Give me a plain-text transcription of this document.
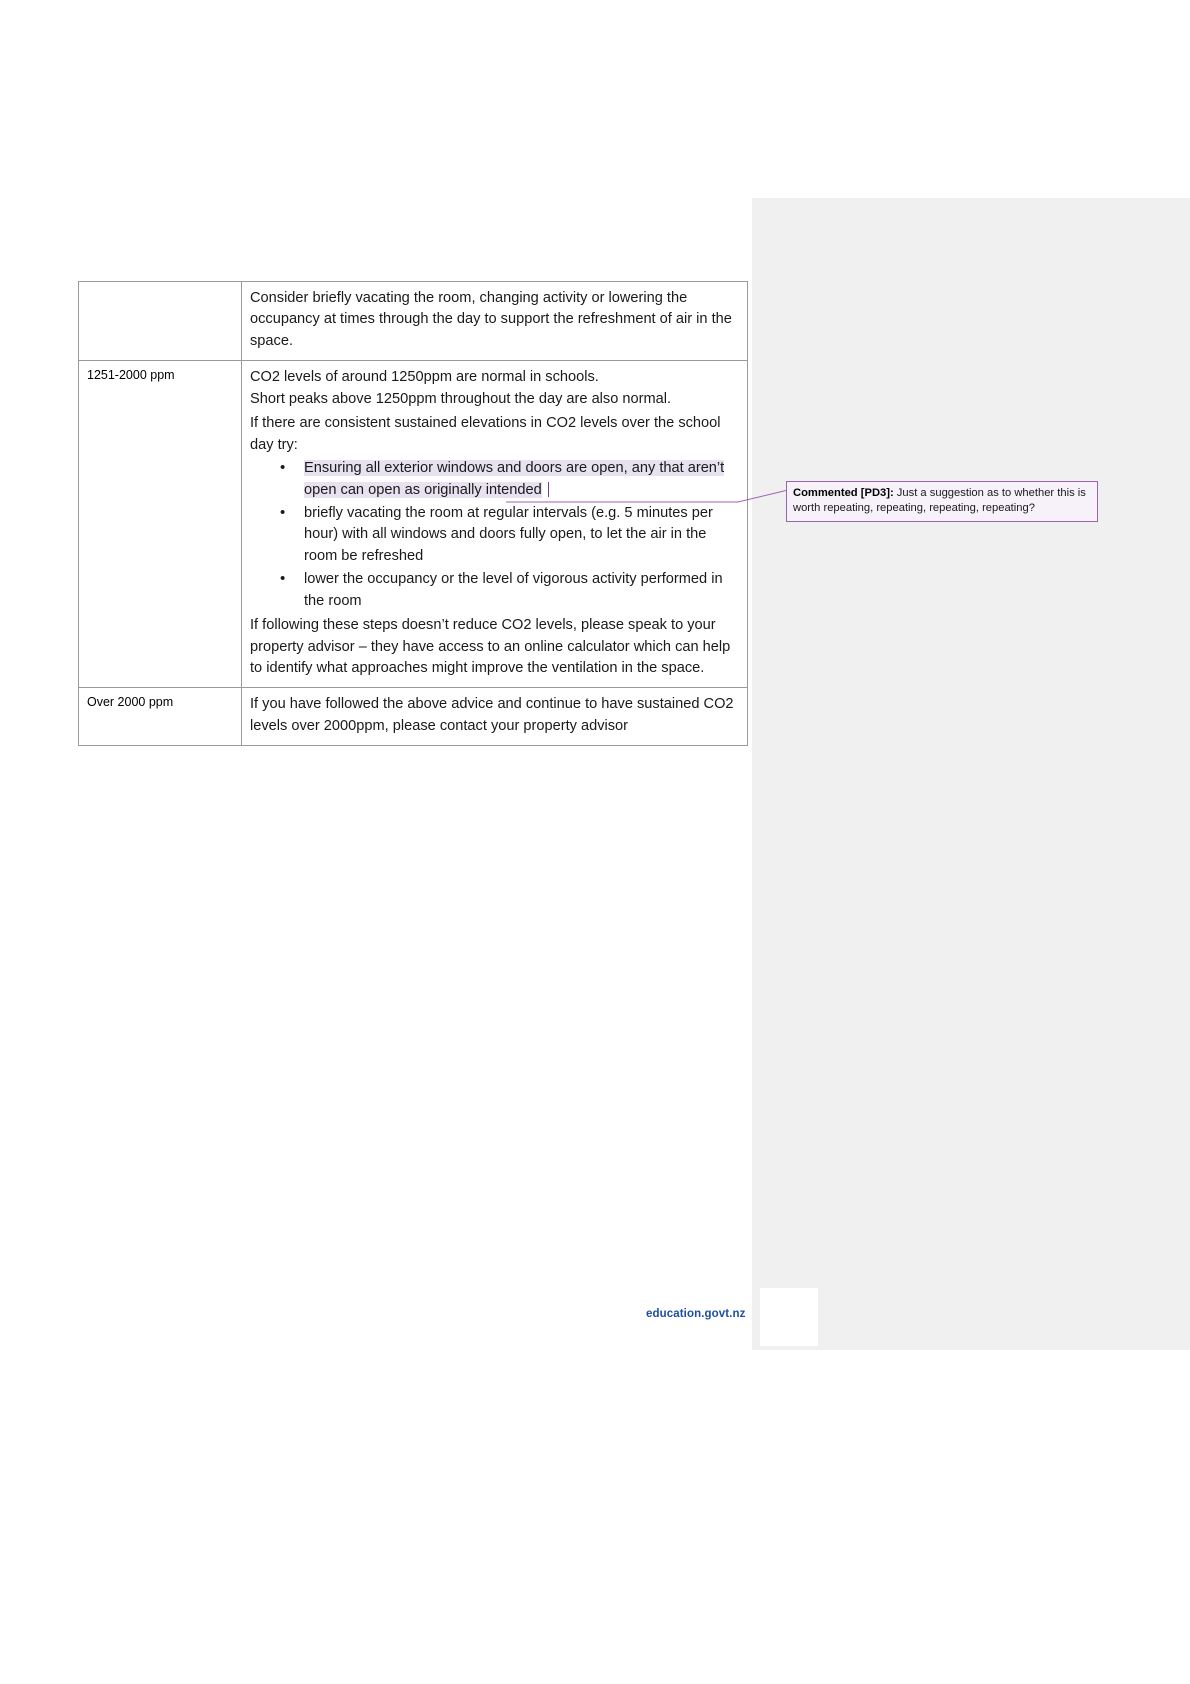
	Consider briefly vacating the room, changing activity or lowering the occupancy at times through the day to support the refreshment of air in the space.

1251-2000 ppm	CO2 levels of around 1250ppm are normal in schools.

Short peaks above 1250ppm throughout the day are also normal.

If there are consistent sustained elevations in CO2 levels over the school day try:

• Ensuring all exterior windows and doors are open, any that aren’t open can open as originally intended
• briefly vacating the room at regular intervals (e.g. 5 minutes per hour) with all windows and doors fully open, to let the air in the room be refreshed
• lower the occupancy or the level of vigorous activity performed in the room

If following these steps doesn’t reduce CO2 levels, please speak to your property advisor – they have access to an online calculator which can help to identify what approaches might improve the ventilation in the space.

Over 2000 ppm	If you have followed the above advice and continue to have sustained CO2 levels over 2000ppm, please contact your property advisor

Commented [PD3]: Just a suggestion as to whether this is worth repeating, repeating, repeating, repeating?
education.govt.nz
